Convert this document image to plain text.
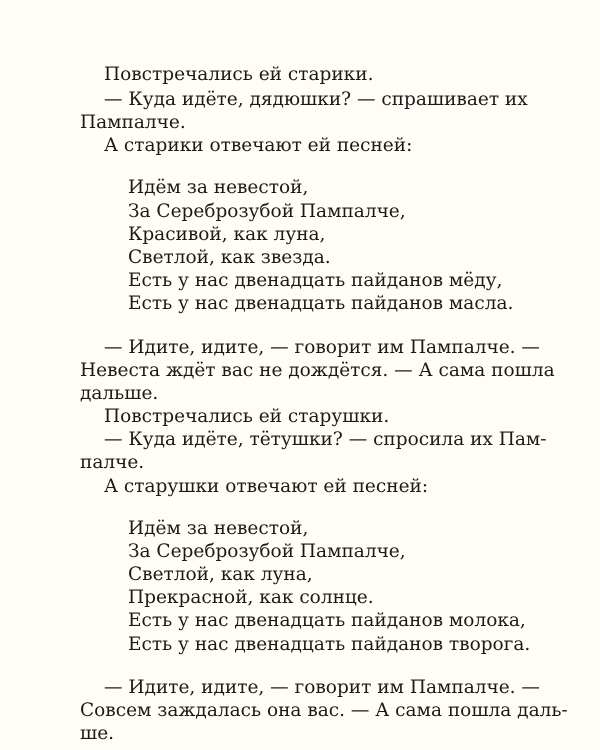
Повстречались ей старики.
— Куда идёте, дядюшки? — спрашивает их
Пампалче.
А старики отвечают ей песней:
Идём за невестой,
За Сереброзубой Пампалче,
Красивой, как луна,
Светлой, как звезда.
Есть у нас двенадцать пайданов мёду,
Есть у нас двенадцать пайданов масла.
— Идите, идите, — говорит им Пампалче. —
Невеста ждёт вас не дождётся. — А сама пошла
дальше.
Повстречались ей старушки.
— Куда идёте, тётушки? — спросила их Пам-
палче.
А старушки отвечают ей песней:
Идём за невестой,
За Сереброзубой Пампалче,
Светлой, как луна,
Прекрасной, как солнце.
Есть у нас двенадцать пайданов молока,
Есть у нас двенадцать пайданов творога.
— Идите, идите, — говорит им Пампалче. —
Совсем заждалась она вас. — А сама пошла даль-
ше.
